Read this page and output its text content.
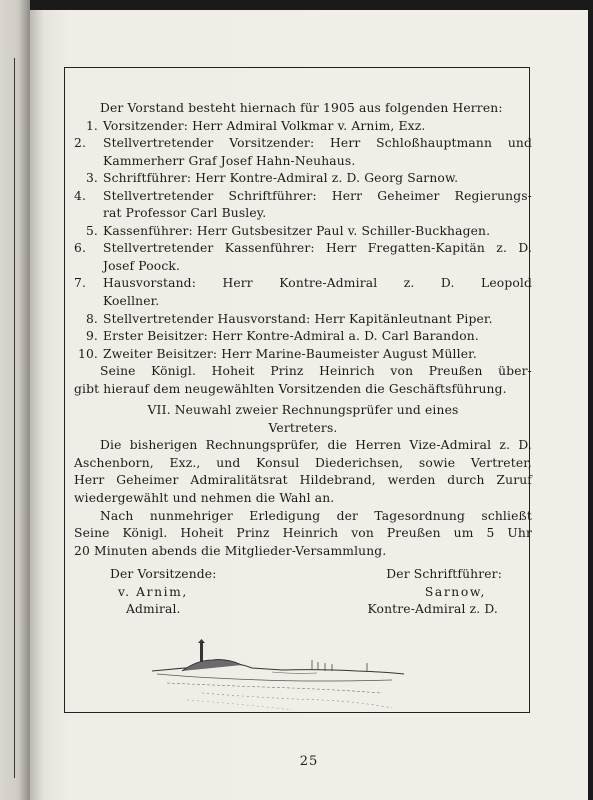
Der Vorstand besteht hiernach für 1905 aus folgenden Herren:
1. Vorsitzender: Herr Admiral Volkmar v. Arnim, Exz.
2. Stellvertretender Vorsitzender: Herr Schloßhauptmann und
Kammerherr Graf Josef Hahn-Neuhaus.
3. Schriftführer: Herr Kontre-Admiral z. D. Georg Sarnow.
4. Stellvertretender Schriftführer: Herr Geheimer Regierungs-
rat Professor Carl Busley.
5. Kassenführer: Herr Gutsbesitzer Paul v. Schiller-Buckhagen.
6. Stellvertretender Kassenführer: Herr Fregatten-Kapitän z. D.
Josef Poock.
7. Hausvorstand: Herr Kontre-Admiral z. D. Leopold
Koellner.
8. Stellvertretender Hausvorstand: Herr Kapitänleutnant Piper.
9. Erster Beisitzer: Herr Kontre-Admiral a. D. Carl Barandon.
10. Zweiter Beisitzer: Herr Marine-Baumeister August Müller.
Seine Königl. Hoheit Prinz Heinrich von Preußen über-
gibt hierauf dem neugewählten Vorsitzenden die Geschäftsführung.
VII. Neuwahl zweier Rechnungsprüfer und eines
Vertreters.
Die bisherigen Rechnungsprüfer, die Herren Vize-Admiral z. D.
Aschenborn, Exz., und Konsul Diederichsen, sowie Vertreter,
Herr Geheimer Admiralitätsrat Hildebrand, werden durch Zuruf
wiedergewählt und nehmen die Wahl an.
Nach nunmehriger Erledigung der Tagesordnung schließt
Seine Königl. Hoheit Prinz Heinrich von Preußen um 5 Uhr
20 Minuten abends die Mitglieder-Versammlung.
Der Vorsitzende:	Der Schriftführer:
v. Arnim,	Sarnow,
Admiral.	Kontre-Admiral z. D.
25
